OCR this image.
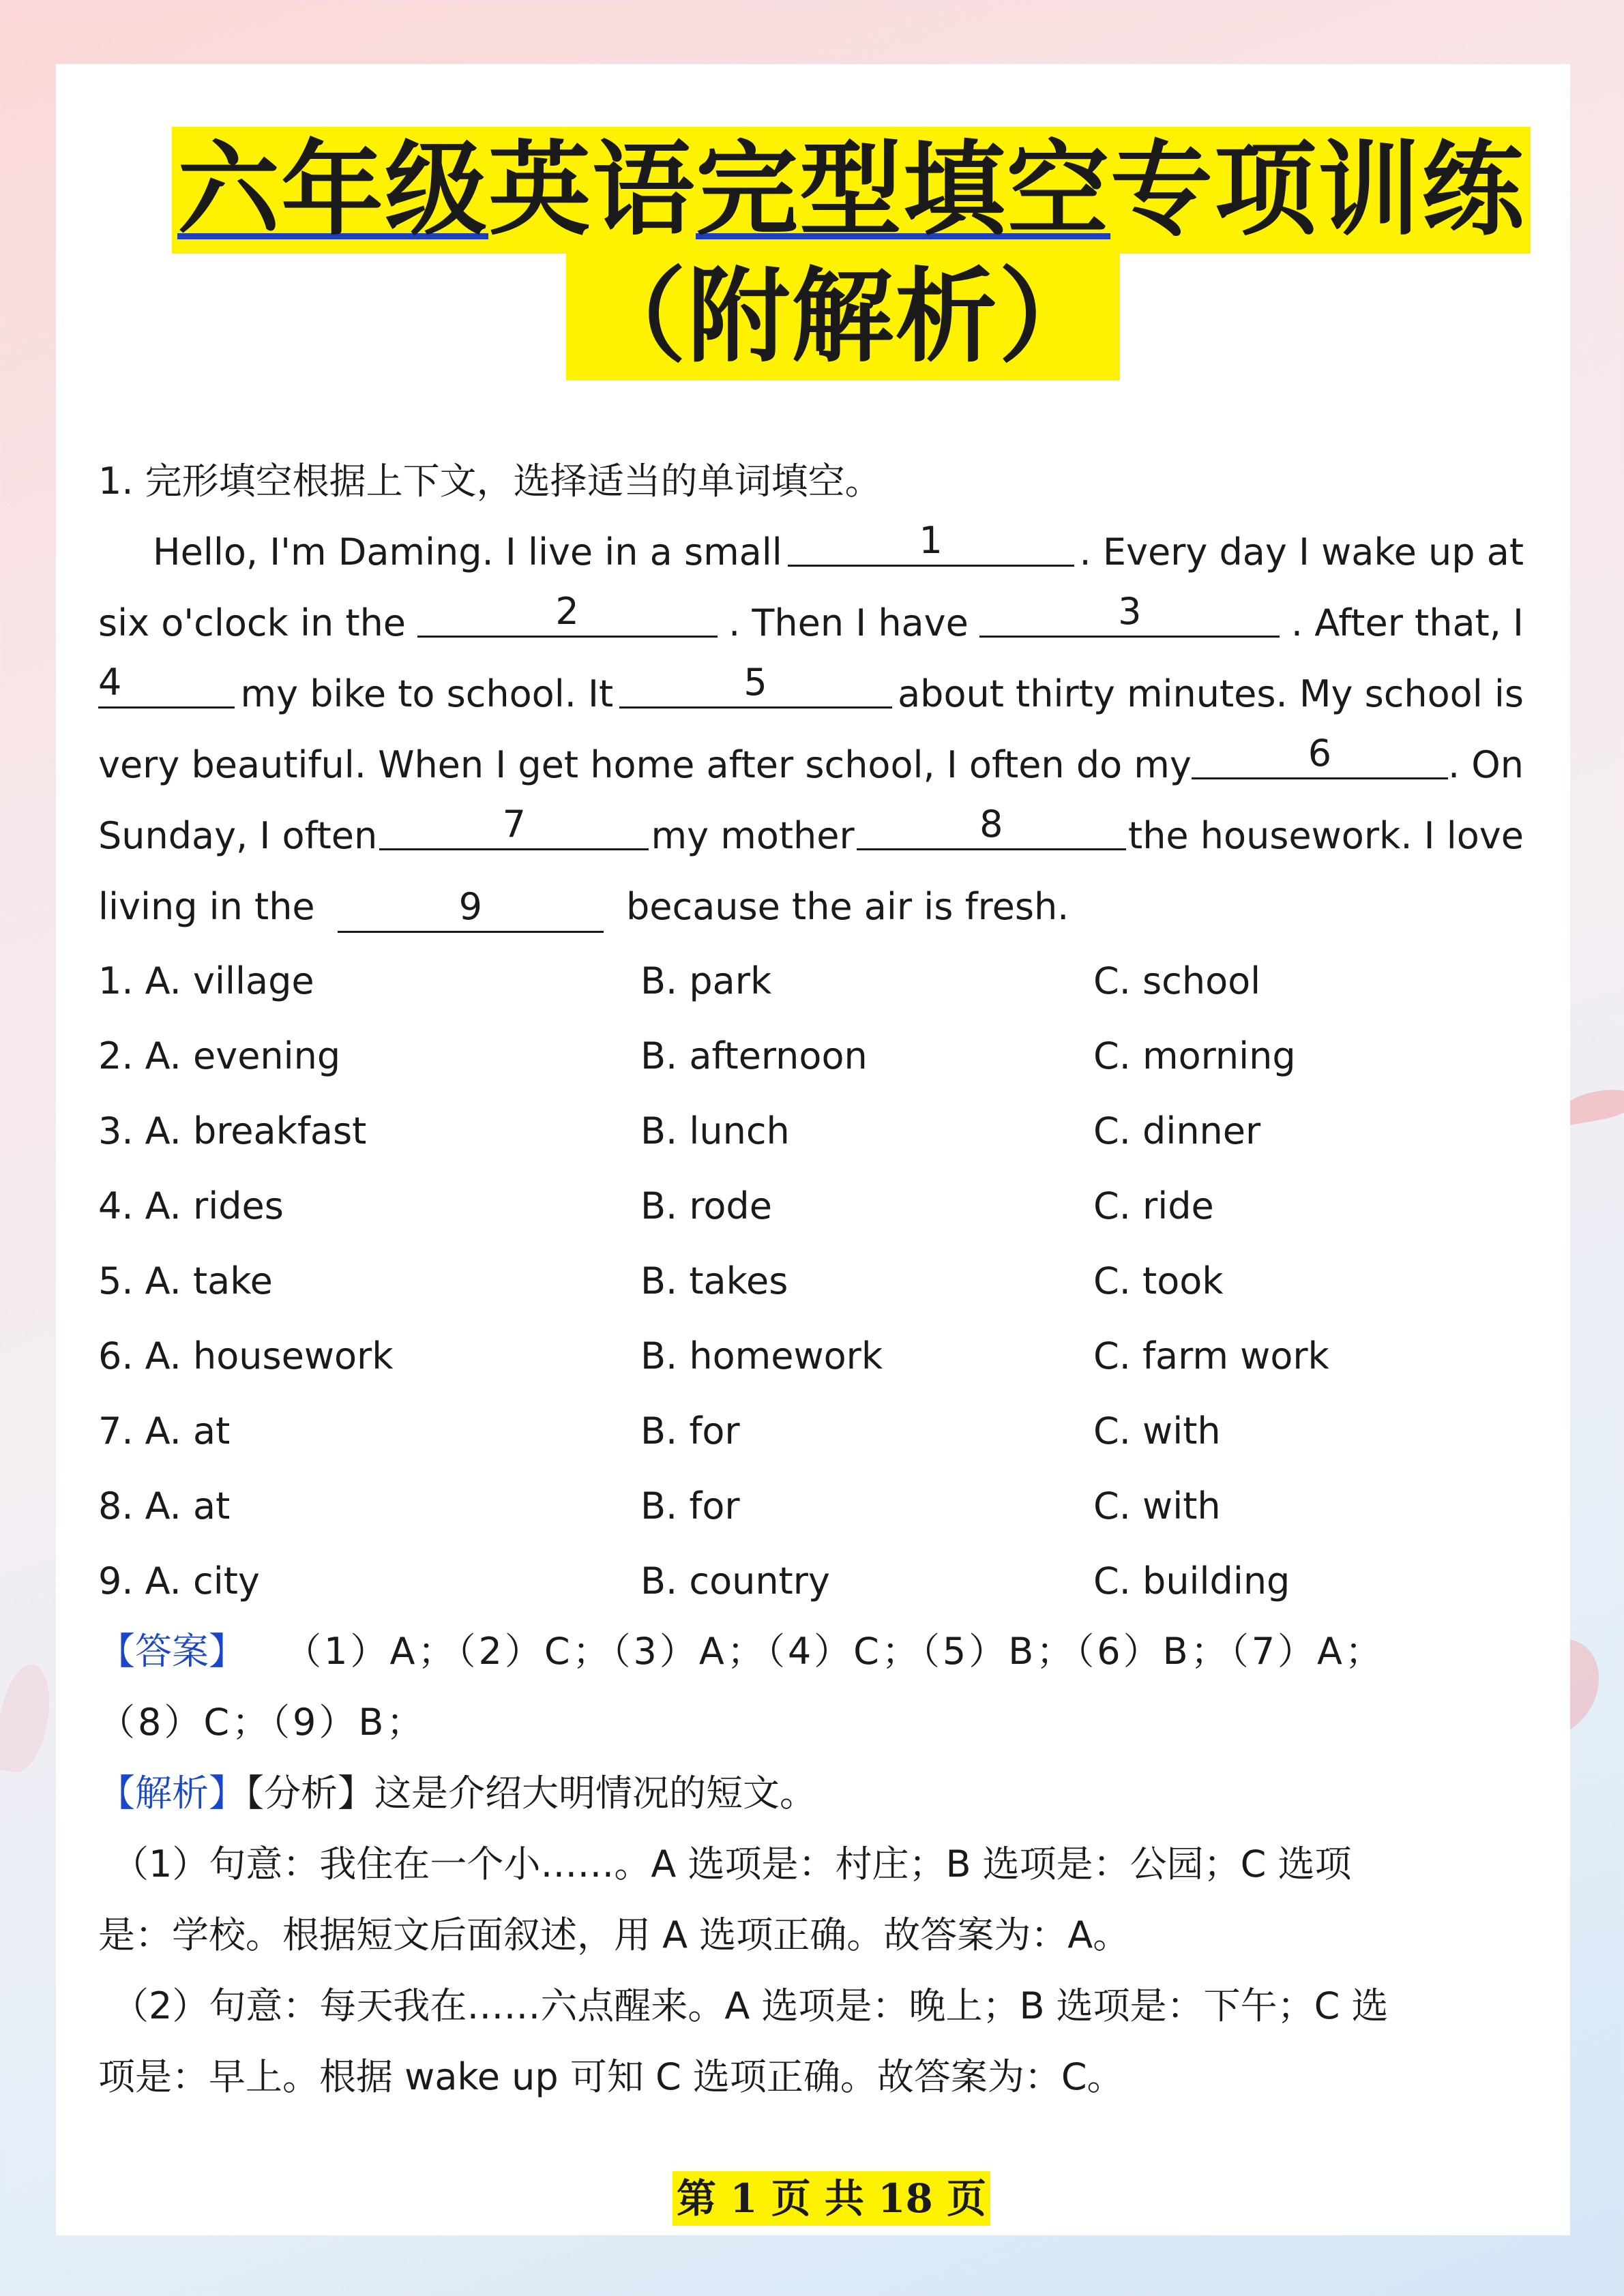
六年级英语完型填空专项训练
（附解析）
1. 完形填空根据上下文，选择适当的单词填空。
Hello, I'm Daming. I live in a small	1	. Every day I wake up at
six o'clock in the	2	. Then I have	3	. After that, I
4	my bike to school. It	5	about thirty minutes. My school is
very beautiful. When I get home after school, I often do my	6	. On
Sunday, I often	7	my mother	8	the housework. I love
living in the	9	because the air is fresh.
1. A. village	B. park	C. school
2. A. evening	B. afternoon	C. morning
3. A. breakfast	B. lunch	C. dinner
4. A. rides	B. rode	C. ride
5. A. take	B. takes	C. took
6. A. housework	B. homework	C. farm work
7. A. at	B. for	C. with
8. A. at	B. for	C. with
9. A. city	B. country	C. building
【答案】 （1）A；（2）C；（3）A；（4）C；（5）B；（6）B；（7）A；
（8）C；（9）B；
【解析】【分析】这是介绍大明情况的短文。
（1）句意：我住在一个小……。A 选项是：村庄；B 选项是：公园；C 选项
是：学校。根据短文后面叙述，用 A 选项正确。故答案为：A。
（2）句意：每天我在……六点醒来。A 选项是：晚上；B 选项是：下午；C 选
项是：早上。根据 wake up 可知 C 选项正确。故答案为：C。
第 1 页 共 18 页
